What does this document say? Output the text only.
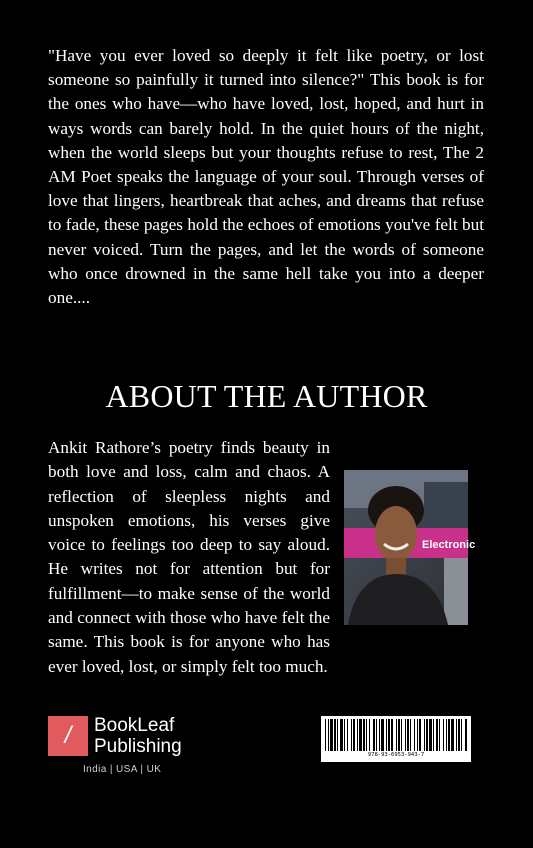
"Have you ever loved so deeply it felt like poetry, or lost someone so painfully it turned into silence?" This book is for the ones who have—who have loved, lost, hoped, and hurt in ways words can barely hold. In the quiet hours of the night, when the world sleeps but your thoughts refuse to rest, The 2 AM Poet speaks the language of your soul. Through verses of love that lingers, heartbreak that aches, and dreams that refuse to fade, these pages hold the echoes of emotions you've felt but never voiced. Turn the pages, and let the words of someone who once drowned in the same hell take you into a deeper one....

ABOUT THE AUTHOR

Ankit Rathore’s poetry finds beauty in both love and loss, calm and chaos. A reflection of sleepless nights and unspoken emotions, his verses give voice to feelings too deep to say aloud. He writes not for attention but for fulfillment—to make sense of the world and connect with those who have felt the same. This book is for anyone who has ever loved, lost, or simply felt too much.

Electronic
/	BookLeaf
Publishing
India | USA | UK
978-93-6953-943-7
